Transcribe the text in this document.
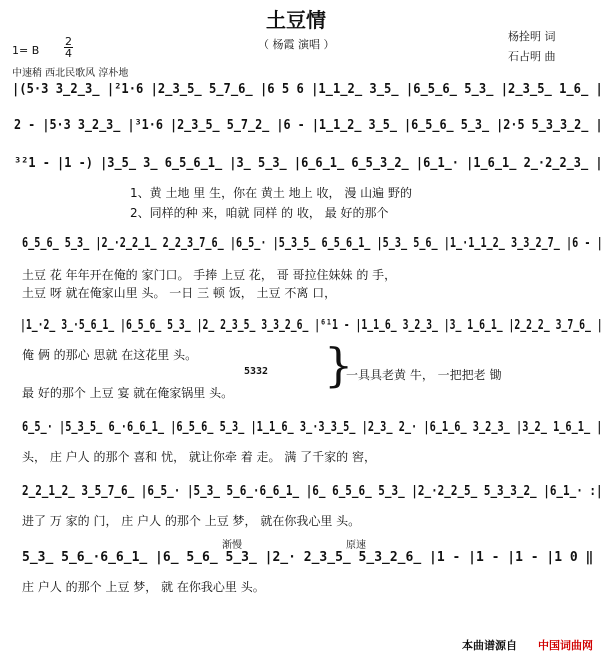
土豆情
（ 杨霞 演唱 ）
杨拴明 词
石占明 曲
1= B
2
4
中速稍 西北民歌风 淳朴地
|(5·3 3̲2̲3̲ |²1·6 |2̲3̲5̲ 5̲7̲6̲ |6 5 6 |1̲1̲2̲ 3̲5̲ |6̲5̲6̲ 5̲3̲ |2̲3̲5̲ 1̲6̲ |
2 - |5·3 3̲2̲3̲ |³1·6 |2̲3̲5̲ 5̲7̲2̲ |6 - |1̲1̲2̲ 3̲5̲ |6̲5̲6̲ 5̲3̲ |2·5 5̲3̲3̲2̲ |
³²1 - |1 -) |3̲5̲ 3̲ 6̲5̲6̲1̲ |3̲ 5̲3̲ |6̲6̲1̲ 6̲5̲3̲2̲ |6̲1̲· |1̲6̲1̲ 2̲·2̲2̲3̲ |
1、黄 土地 里 生，你在 黄土 地上 收， 漫 山遍 野的
2、同样的种 来，咱就 同样 的 收， 最 好的那个
6̲5̲6̲ 5̲3̲ |2̲·2̲2̲1̲ 2̲2̲3̲7̲6̲ |6̲5̲· |5̲3̲5̲ 6̲5̲6̲1̲ |5̲3̲ 5̲6̲ |1̲·1̲1̲2̲ 3̲3̲2̲7̲ |6 - |
土豆 花 年年开在俺的 家门口。 手捧 上豆 花， 哥 哥拉住妹妹 的 手，
土豆 呀 就在俺家山里 头。 一日 三 顿 饭， 土豆 不离 口，
|1̲·2̲ 3̲·5̲6̲1̲ |6̲5̲6̲ 5̲3̲ |2̲ 2̲3̲5̲ 3̲3̲2̲6̲ |⁶¹1 - |1̲1̲6̲ 3̲2̲3̲ |3̲ 1̲6̲1̲ |2̲2̲2̲ 3̲7̲6̲ |
俺 俩 的那心 思就 在这花里 头。
5332
最 好的那个 上豆 宴 就在俺家锅里 头。
}
一具具老黄 牛， 一把把老 锄
6̲5̲· |5̲3̲5̲ 6̲·6̲6̲1̲ |6̲5̲6̲ 5̲3̲ |1̲1̲6̲ 3̲·3̲3̲5̲ |2̲3̲ 2̲· |6̲1̲6̲ 3̲2̲3̲ |3̲2̲ 1̲6̲1̲ |
头， 庄 户人 的那个 喜和 忧， 就让你牵 着 走。 满 了千家的 窖，
2̲2̲1̲2̲ 3̲5̲7̲6̲ |6̲5̲· |5̲3̲ 5̲6̲·6̲6̲1̲ |6̲ 6̲5̲6̲ 5̲3̲ |2̲·2̲2̲5̲ 5̲3̲3̲2̲ |6̲1̲· :|
进了 万 家的 门， 庄 户人 的那个 上豆 梦， 就在你我心里 头。
渐慢	原速
5̲3̲ 5̲6̲·6̲6̲1̲ |6̲ 5̲6̲ 5̲3̲ |2̲· 2̲3̲5̲ 5̲3̲2̲6̲ |1 - |1 - |1 - |1 0 ‖
庄 户人 的那个 上豆 梦， 就 在你我心里 头。
本曲谱源自 中国词曲网
